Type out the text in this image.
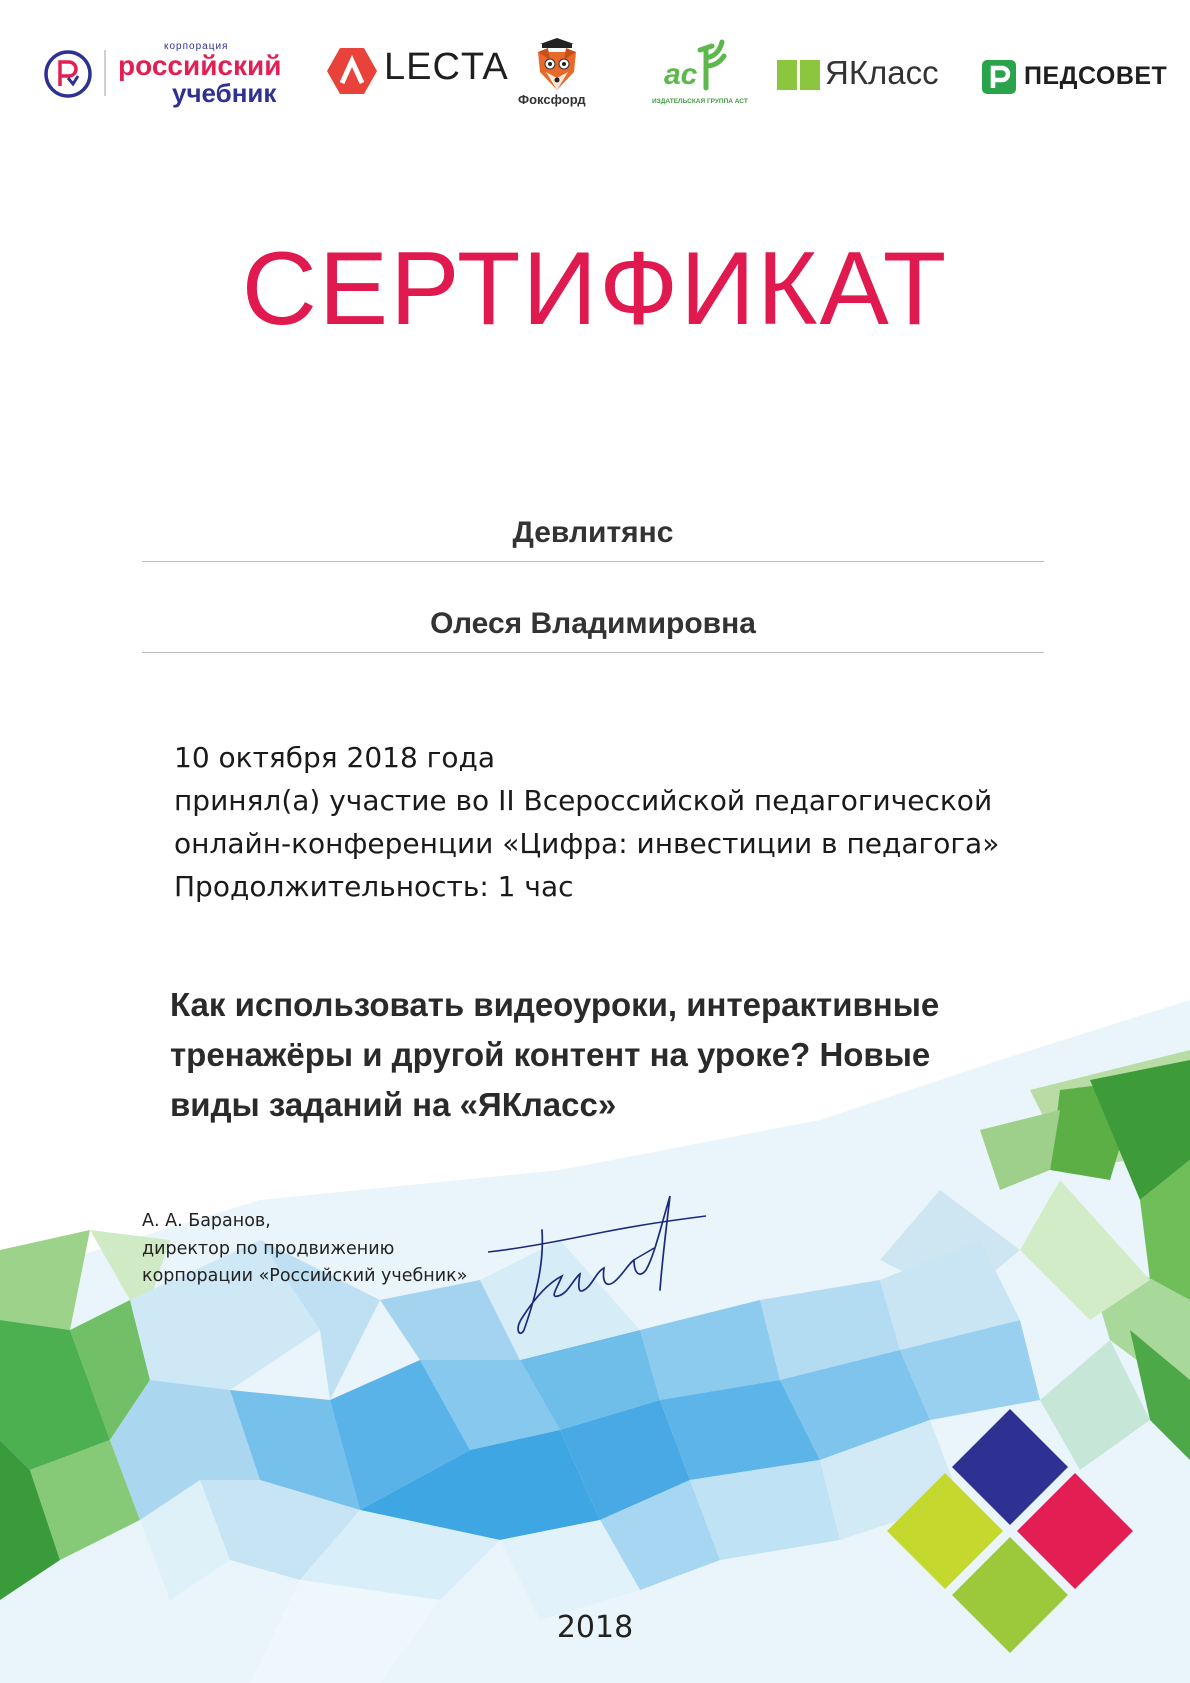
корпорация
российский
учебник
LECTA
Фоксфорд
ас
ИЗДАТЕЛЬСКАЯ ГРУППА АСТ
ЯКласс	ПЕДСОВЕТ
СЕРТИФИКАТ
Девлитянс
Олеся Владимировна
10 октября 2018 года
принял(а) участие во II Всероссийской педагогической
онлайн-конференции «Цифра: инвестиции в педагога»
Продолжительность: 1 час
Как использовать видеоуроки, интерактивные
тренажёры и другой контент на уроке? Новые
виды заданий на «ЯКласс»
А. А. Баранов,
директор по продвижению
корпорации «Российский учебник»
2018
